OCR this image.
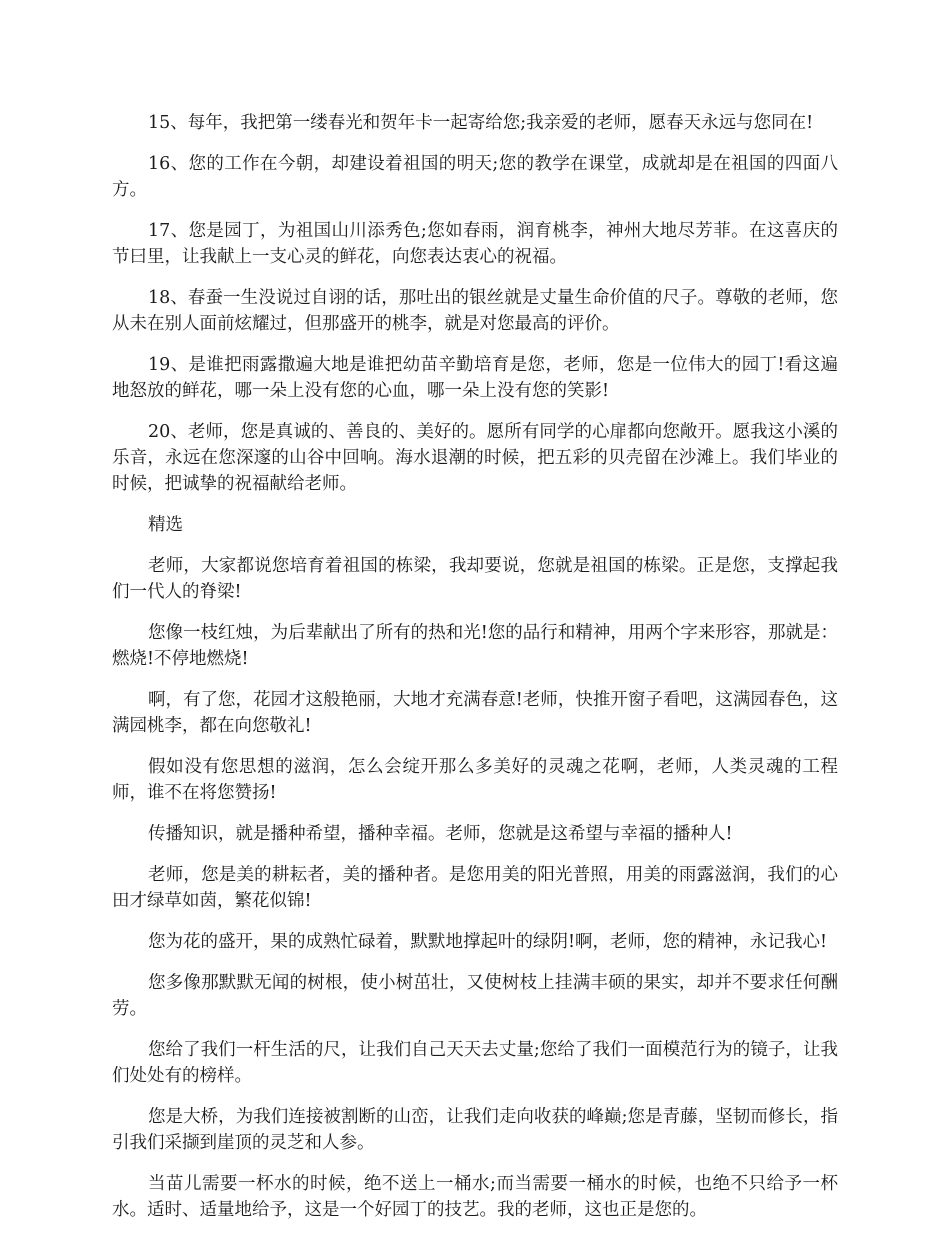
15、每年，我把第一缕春光和贺年卡一起寄给您;我亲爱的老师，愿春天永远与您同在!

16、您的工作在今朝，却建设着祖国的明天;您的教学在课堂，成就却是在祖国的四面八方。

17、您是园丁，为祖国山川添秀色;您如春雨，润育桃李，神州大地尽芳菲。在这喜庆的节曰里，让我献上一支心灵的鲜花，向您表达衷心的祝福。

18、春蚕一生没说过自诩的话，那吐出的银丝就是丈量生命价值的尺子。尊敬的老师，您从未在别人面前炫耀过，但那盛开的桃李，就是对您最高的评价。

19、是谁把雨露撒遍大地是谁把幼苗辛勤培育是您，老师，您是一位伟大的园丁!看这遍地怒放的鲜花，哪一朵上没有您的心血，哪一朵上没有您的笑影!

20、老师，您是真诚的、善良的、美好的。愿所有同学的心扉都向您敞开。愿我这小溪的乐音，永远在您深邃的山谷中回响。海水退潮的时候，把五彩的贝壳留在沙滩上。我们毕业的时候，把诚挚的祝福献给老师。

精选

老师，大家都说您培育着祖国的栋梁，我却要说，您就是祖国的栋梁。正是您，支撑起我们一代人的脊梁!

您像一枝红烛，为后辈献出了所有的热和光!您的品行和精神，用两个字来形容，那就是：燃烧!不停地燃烧!

啊，有了您，花园才这般艳丽，大地才充满春意!老师，快推开窗子看吧，这满园春色，这满园桃李，都在向您敬礼!

假如没有您思想的滋润，怎么会绽开那么多美好的灵魂之花啊，老师，人类灵魂的工程师，谁不在将您赞扬!

传播知识，就是播种希望，播种幸福。老师，您就是这希望与幸福的播种人!

老师，您是美的耕耘者，美的播种者。是您用美的阳光普照，用美的雨露滋润，我们的心田才绿草如茵，繁花似锦!

您为花的盛开，果的成熟忙碌着，默默地撑起叶的绿阴!啊，老师，您的精神，永记我心!

您多像那默默无闻的树根，使小树茁壮，又使树枝上挂满丰硕的果实，却并不要求任何酬劳。

您给了我们一杆生活的尺，让我们自己天天去丈量;您给了我们一面模范行为的镜子，让我们处处有的榜样。

您是大桥，为我们连接被割断的山峦，让我们走向收获的峰巅;您是青藤，坚韧而修长，指引我们采撷到崖顶的灵芝和人参。

当苗儿需要一杯水的时候，绝不送上一桶水;而当需要一桶水的时候，也绝不只给予一杯水。适时、适量地给予，这是一个好园丁的技艺。我的老师，这也正是您的。
